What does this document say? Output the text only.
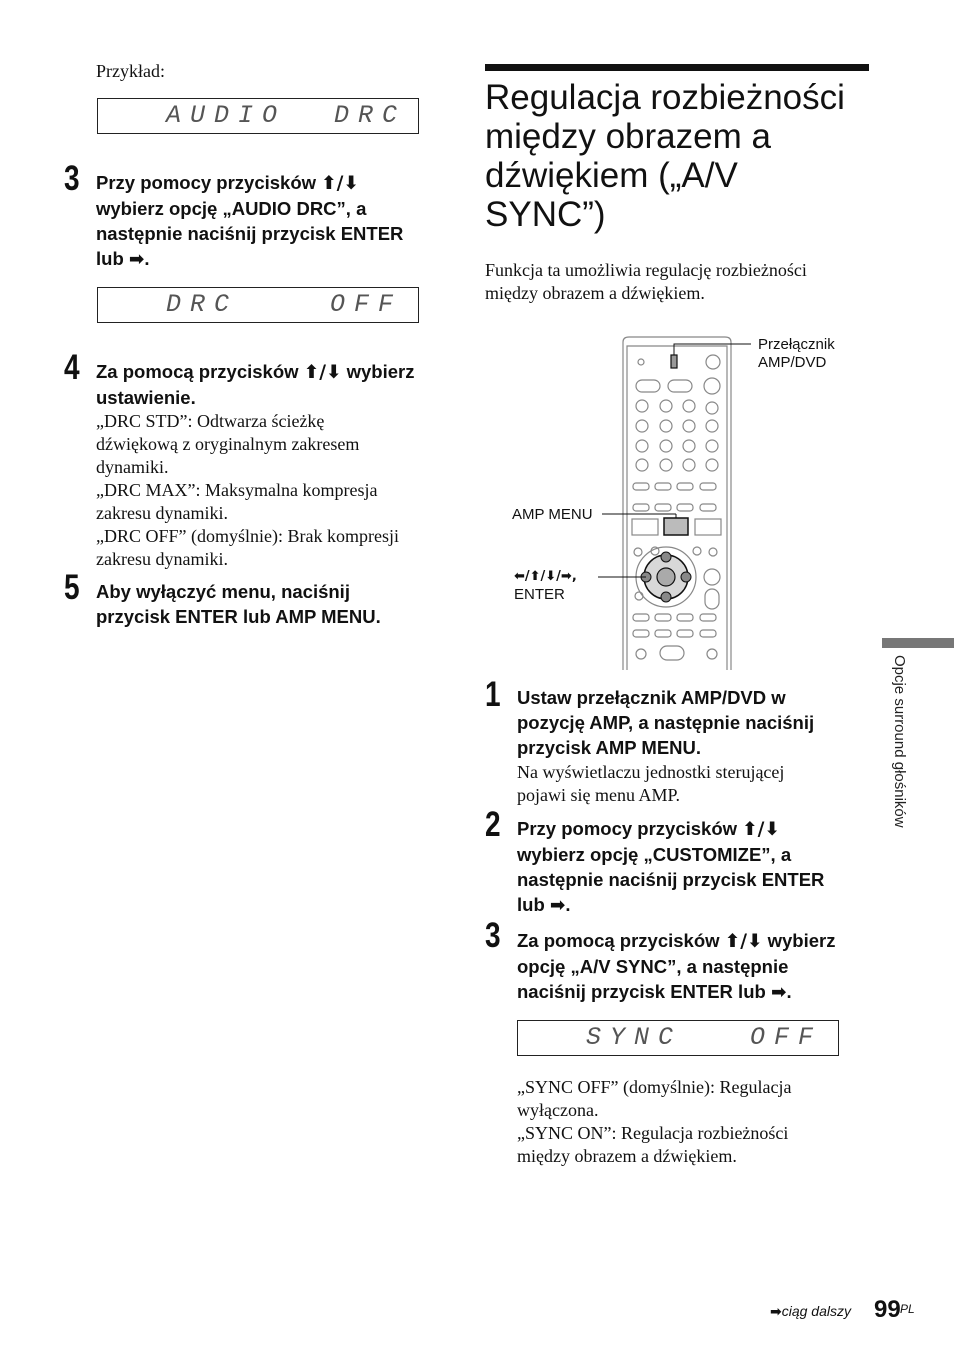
Przykład:

AUDIO

DRC

3 Przy pomocy przycisków ⬆/⬇
wybierz opcję „AUDIO DRC”, a
następnie naciśnij przycisk ENTER
lub ➡.

DRC

	OFF

4 Za pomocą przycisków ⬆/⬇ wybierz
ustawienie.
„DRC STD”: Odtwarza ścieżkę
dźwiękową z oryginalnym zakresem
dynamiki.
„DRC MAX”: Maksymalna kompresja
zakresu dynamiki.
„DRC OFF” (domyślnie): Brak kompresji
zakresu dynamiki.
5 Aby wyłączyć menu, naciśnij
przycisk ENTER lub AMP MENU.
Regulacja rozbieżności
między obrazem a
dźwiękiem („A/V
SYNC”)
Funkcja ta umożliwia regulację rozbieżności
między obrazem a dźwiękiem.
Przełącznik
AMP/DVD
AMP MENU
⬅/⬆/⬇/➡,
ENTER
1 Ustaw przełącznik AMP/DVD w
pozycję AMP, a następnie naciśnij
przycisk AMP MENU.
Na wyświetlaczu jednostki sterującej
pojawi się menu AMP.
2 Przy pomocy przycisków ⬆/⬇
wybierz opcję „CUSTOMIZE”, a
następnie naciśnij przycisk ENTER
lub ➡.
3 Za pomocą przycisków ⬆/⬇ wybierz
opcję „A/V SYNC”, a następnie
naciśnij przycisk ENTER lub ➡.

SYNC

	OFF

„SYNC OFF” (domyślnie): Regulacja
wyłączona.
„SYNC ON”: Regulacja rozbieżności
między obrazem a dźwiękiem.
Opcje surround głośników
➡ciąg dalszy 99 PL
